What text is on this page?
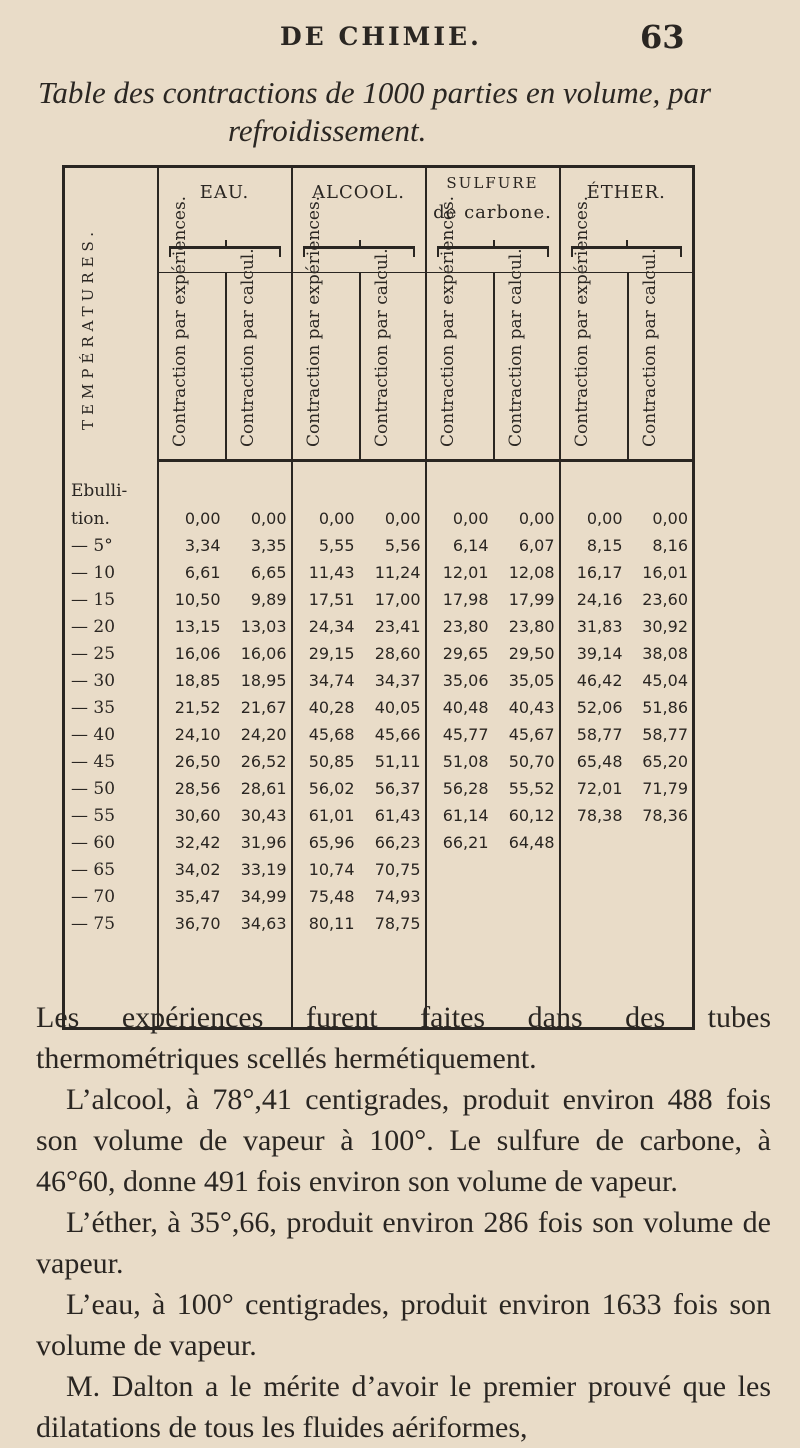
DE CHIMIE.	63
Table des contractions de 1000 parties en volume, par
refroidissement.
TEMPÉRATURES.	EAU.		ALCOOL.		SULFURE
de carbone.		ÉTHER.	

	Contraction par expériences.	Contraction par calcul.	Contraction par expériences.	Contraction par calcul.	Contraction par expériences.	Contraction par calcul.	Contraction par expériences.	Contraction par calcul.

Ebulli-								
tion.	0,00	0,00	0,00	0,00	0,00	0,00	0,00	0,00
— 5°	3,34	3,35	5,55	5,56	6,14	6,07	8,15	8,16
— 10	6,61	6,65	11,43	11,24	12,01	12,08	16,17	16,01
— 15	10,50	9,89	17,51	17,00	17,98	17,99	24,16	23,60
— 20	13,15	13,03	24,34	23,41	23,80	23,80	31,83	30,92
— 25	16,06	16,06	29,15	28,60	29,65	29,50	39,14	38,08
— 30	18,85	18,95	34,74	34,37	35,06	35,05	46,42	45,04
— 35	21,52	21,67	40,28	40,05	40,48	40,43	52,06	51,86
— 40	24,10	24,20	45,68	45,66	45,77	45,67	58,77	58,77
— 45	26,50	26,52	50,85	51,11	51,08	50,70	65,48	65,20
— 50	28,56	28,61	56,02	56,37	56,28	55,52	72,01	71,79
— 55	30,60	30,43	61,01	61,43	61,14	60,12	78,38	78,36
— 60	32,42	31,96	65,96	66,23	66,21	64,48		
— 65	34,02	33,19	10,74	70,75				
— 70	35,47	34,99	75,48	74,93				
— 75	36,70	34,63	80,11	78,75				

Les expériences furent faites dans des tubes thermométriques scellés hermétiquement.

L’alcool, à 78°,41 centigrades, produit environ 488 fois son volume de vapeur à 100°. Le sulfure de carbone, à 46°60, donne 491 fois environ son volume de vapeur.

L’éther, à 35°,66, produit environ 286 fois son volume de vapeur.

L’eau, à 100° centigrades, produit environ 1633 fois son volume de vapeur.

M. Dalton a le mérite d’avoir le premier prouvé que les dilatations de tous les fluides aériformes,
